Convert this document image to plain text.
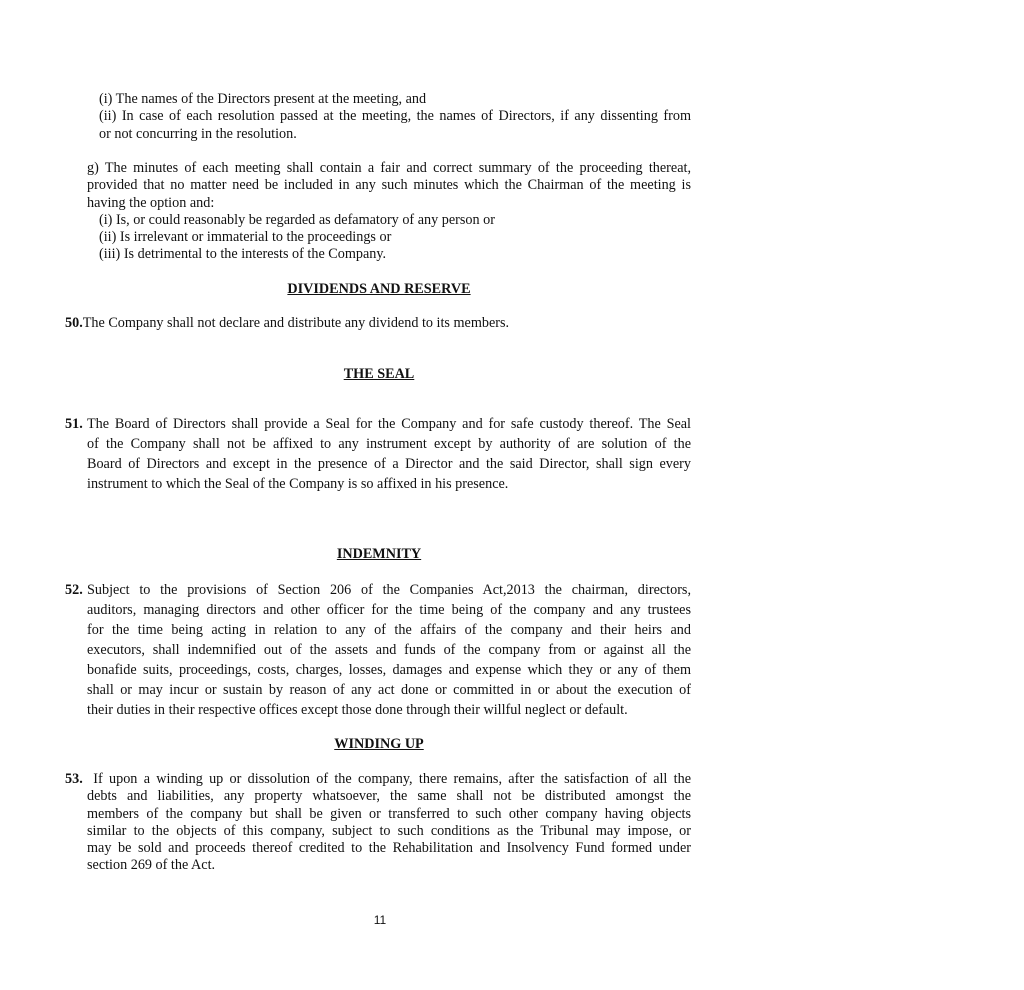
(i) The names of the Directors present at the meeting, and
(ii) In case of each resolution passed at the meeting, the names of Directors, if any dissenting from
or not concurring in the resolution.
g) The minutes of each meeting shall contain a fair and correct summary of the proceeding thereat,
provided that no matter need be included in any such minutes which the Chairman of the meeting is
having the option and:
(i) Is, or could reasonably be regarded as defamatory of any person or
(ii) Is irrelevant or immaterial to the proceedings or
(iii) Is detrimental to the interests of the Company.
DIVIDENDS AND RESERVE
50.The Company shall not declare and distribute any dividend to its members.
THE SEAL
51. The Board of Directors shall provide a Seal for the Company and for safe custody thereof. The Seal

of the Company shall not be affixed to any instrument except by authority of are solution of the

Board of Directors and except in the presence of a Director and the said Director, shall sign every

instrument to which the Seal of the Company is so affixed in his presence.

INDEMNITY
52. Subject to the provisions of Section 206 of the Companies Act,2013 the chairman, directors,

auditors, managing directors and other officer for the time being of the company and any trustees

for the time being acting in relation to any of the affairs of the company and their heirs and

executors, shall indemnified out of the assets and funds of the company from or against all the

bonafide suits, proceedings, costs, charges, losses, damages and expense which they or any of them

shall or may incur or sustain by reason of any act done or committed in or about the execution of

their duties in their respective offices except those done through their willful neglect or default.

WINDING UP
53. If upon a winding up or dissolution of the company, there remains, after the satisfaction of all the

debts and liabilities, any property whatsoever, the same shall not be distributed amongst the

members of the company but shall be given or transferred to such other company having objects

similar to the objects of this company, subject to such conditions as the Tribunal may impose, or

may be sold and proceeds thereof credited to the Rehabilitation and Insolvency Fund formed under

section 269 of the Act.

11
